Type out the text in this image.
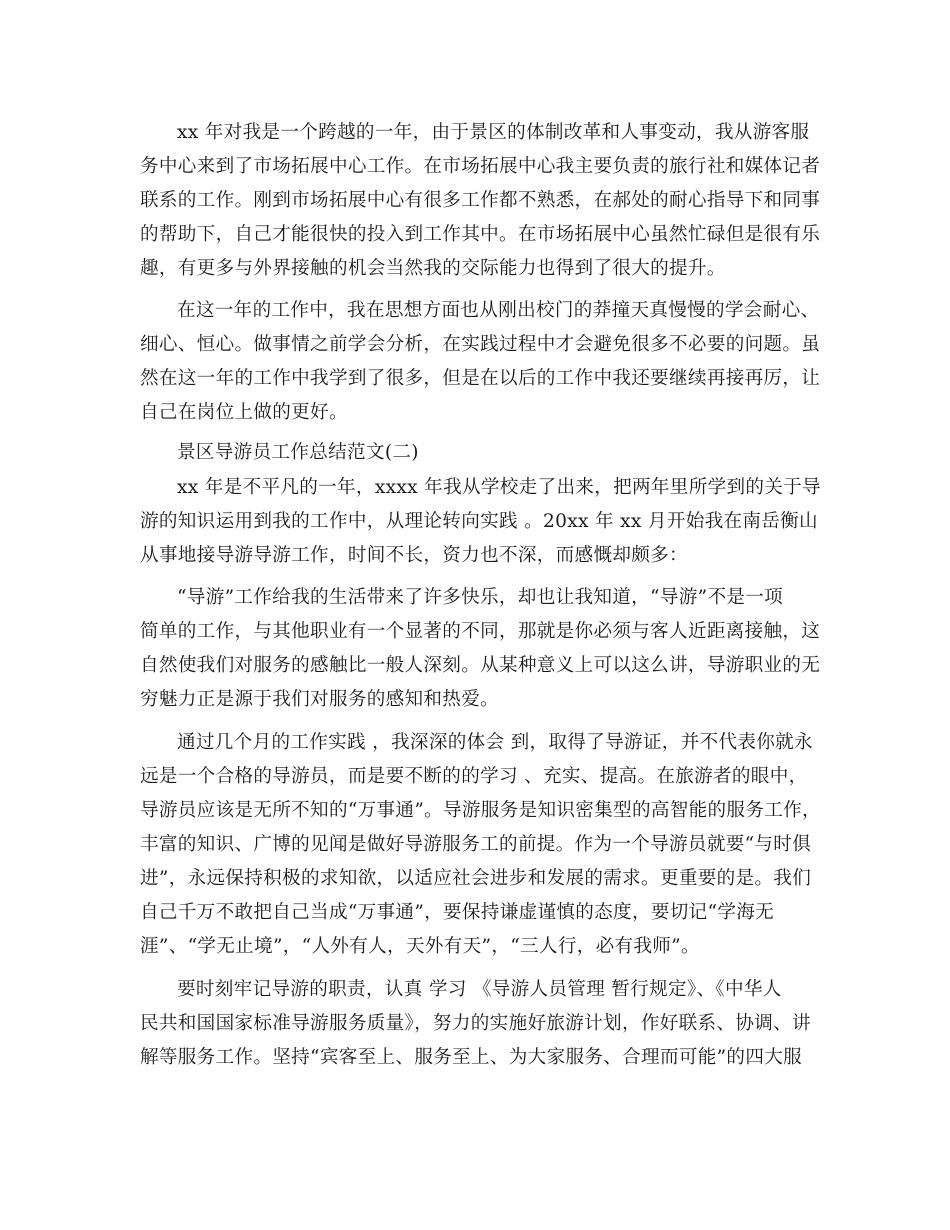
xx 年对我是一个跨越的一年，由于景区的体制改革和人事变动，我从游客服
务中心来到了市场拓展中心工作。在市场拓展中心我主要负责的旅行社和媒体记者
联系的工作。刚到市场拓展中心有很多工作都不熟悉，在郝处的耐心指导下和同事
的帮助下，自己才能很快的投入到工作其中。在市场拓展中心虽然忙碌但是很有乐
趣，有更多与外界接触的机会当然我的交际能力也得到了很大的提升。
在这一年的工作中，我在思想方面也从刚出校门的莽撞天真慢慢的学会耐心、
细心、恒心。做事情之前学会分析，在实践过程中才会避免很多不必要的问题。虽
然在这一年的工作中我学到了很多，但是在以后的工作中我还要继续再接再厉，让
自己在岗位上做的更好。
景区导游员工作总结范文(二)
xx 年是不平凡的一年，xxxx 年我从学校走了出来，把两年里所学到的关于导
游的知识运用到我的工作中，从理论转向实践 。20xx 年 xx 月开始我在南岳衡山
从事地接导游导游工作，时间不长，资力也不深，而感慨却颇多：
“导游”工作给我的生活带来了许多快乐，却也让我知道，“导游”不是一项
简单的工作，与其他职业有一个显著的不同，那就是你必须与客人近距离接触，这
自然使我们对服务的感触比一般人深刻。从某种意义上可以这么讲，导游职业的无
穷魅力正是源于我们对服务的感知和热爱。
通过几个月的工作实践 ，我深深的体会 到，取得了导游证，并不代表你就永
远是一个合格的导游员，而是要不断的的学习 、充实、提高。在旅游者的眼中，
导游员应该是无所不知的“万事通”。导游服务是知识密集型的高智能的服务工作，
丰富的知识、广博的见闻是做好导游服务工的前提。作为一个导游员就要“与时俱
进”，永远保持积极的求知欲，以适应社会进步和发展的需求。更重要的是。我们
自己千万不敢把自己当成“万事通”，要保持谦虚谨慎的态度，要切记“学海无
涯”、“学无止境”，“人外有人，天外有天”，“三人行，必有我师”。
要时刻牢记导游的职责，认真 学习 《导游人员管理 暂行规定》、《中华人
民共和国国家标准导游服务质量》，努力的实施好旅游计划，作好联系、协调、讲
解等服务工作。坚持“宾客至上、服务至上、为大家服务、合理而可能”的四大服
